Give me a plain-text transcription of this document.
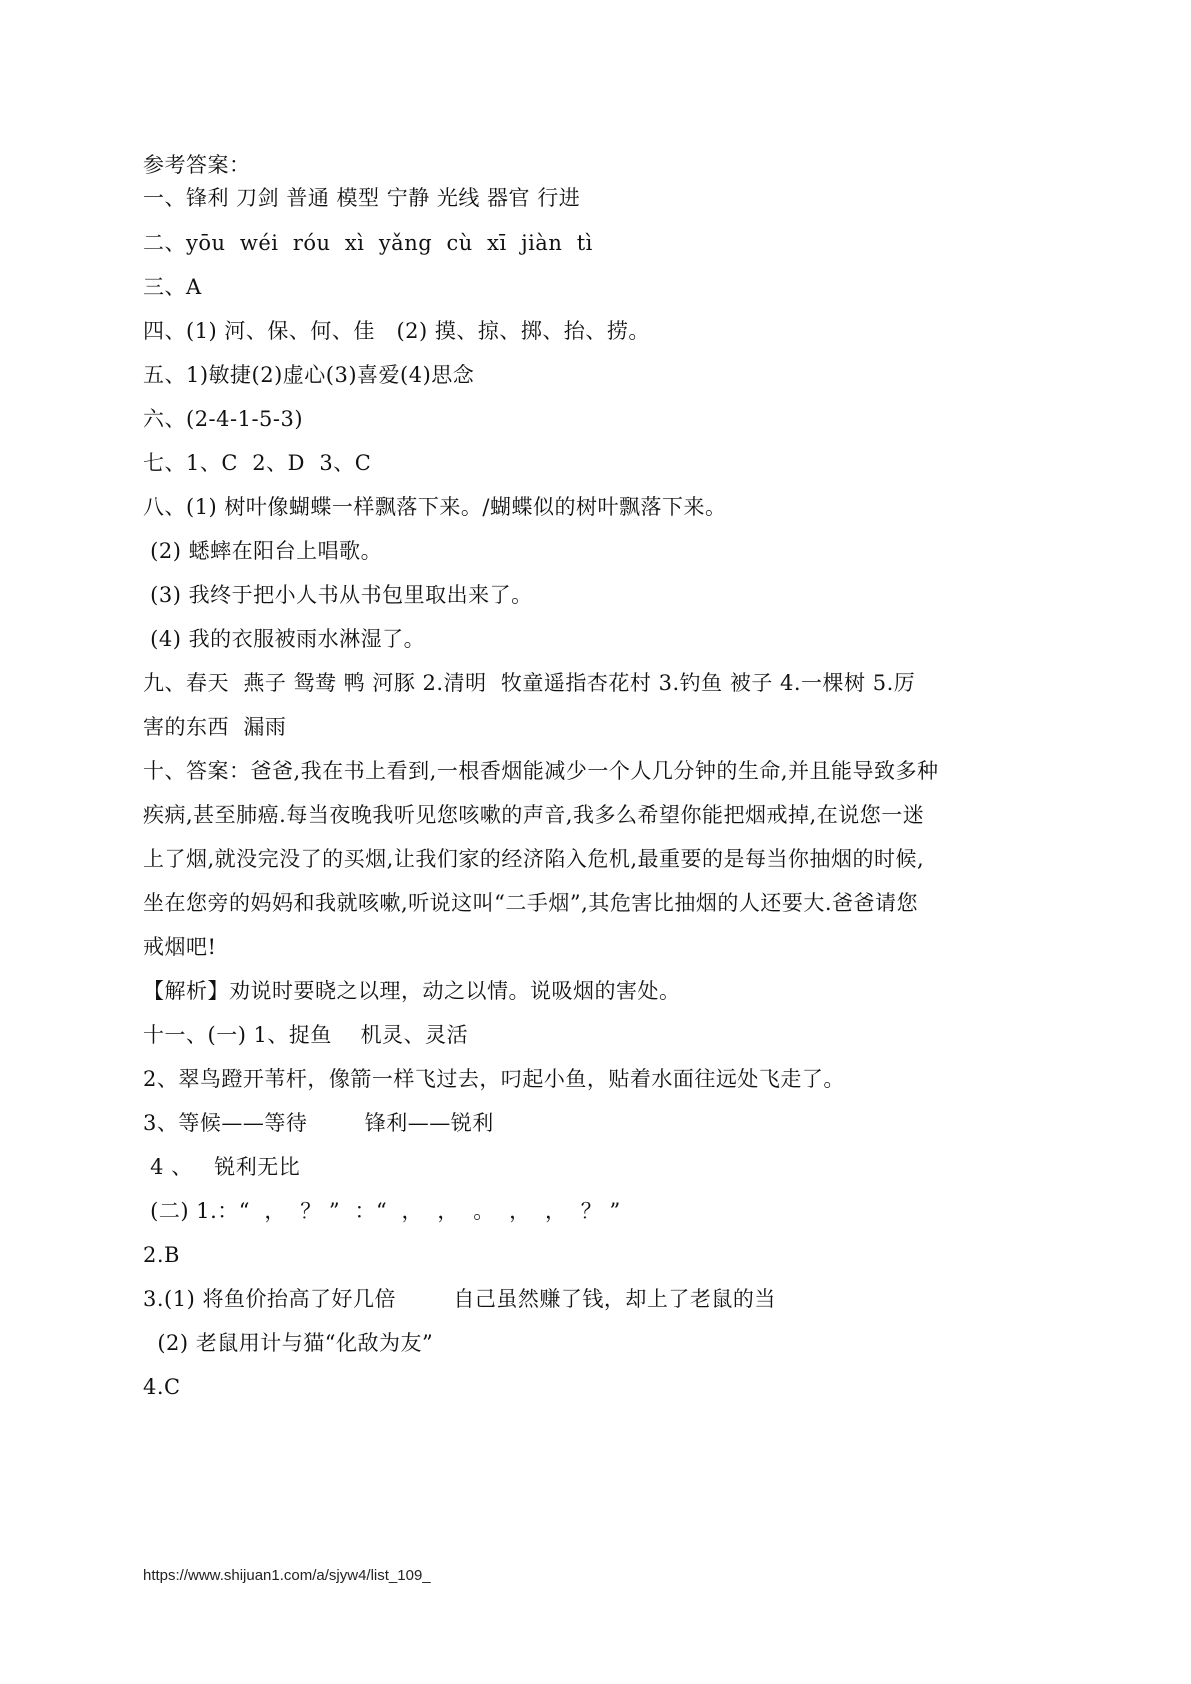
参考答案：
一、锋利 刀剑 普通 模型 宁静 光线 器官 行进
二、yōu  wéi  róu  xì  yǎng  cù  xī  jiàn  tì
三、A
四、(1) 河、保、何、佳   (2) 摸、掠、掷、抬、捞。
五、1)敏捷(2)虚心(3)喜爱(4)思念
六、(2-4-1-5-3)
七、1、C  2、D  3、C
八、(1) 树叶像蝴蝶一样飘落下来。/蝴蝶似的树叶飘落下来。
(2) 蟋蟀在阳台上唱歌。
(3) 我终于把小人书从书包里取出来了。
(4) 我的衣服被雨水淋湿了。
九、春天  燕子 鸳鸯 鸭 河豚 2.清明  牧童遥指杏花村 3.钓鱼 被子 4.一棵树 5.厉
害的东西  漏雨
十、答案：爸爸,我在书上看到,一根香烟能减少一个人几分钟的生命,并且能导致多种
疾病,甚至肺癌.每当夜晚我听见您咳嗽的声音,我多么希望你能把烟戒掉,在说您一迷
上了烟,就没完没了的买烟,让我们家的经济陷入危机,最重要的是每当你抽烟的时候,
坐在您旁的妈妈和我就咳嗽,听说这叫“二手烟”,其危害比抽烟的人还要大.爸爸请您
戒烟吧!
【解析】劝说时要晓之以理，动之以情。说吸烟的害处。
十一、(一) 1、捉鱼    机灵、灵活
2、翠鸟蹬开苇杆，像箭一样飞过去，叼起小鱼，贴着水面往远处飞走了。
3、等候——等待        锋利——锐利
4 、   锐利无比
(二) 1.：“  ，  ？ ”  ：“  ，  ，  。  ，  ，  ？ ”
2.B
3.(1) 将鱼价抬高了好几倍        自己虽然赚了钱，却上了老鼠的当
(2) 老鼠用计与猫“化敌为友”
4.C
https://www.shijuan1.com/a/sjyw4/list_109_
